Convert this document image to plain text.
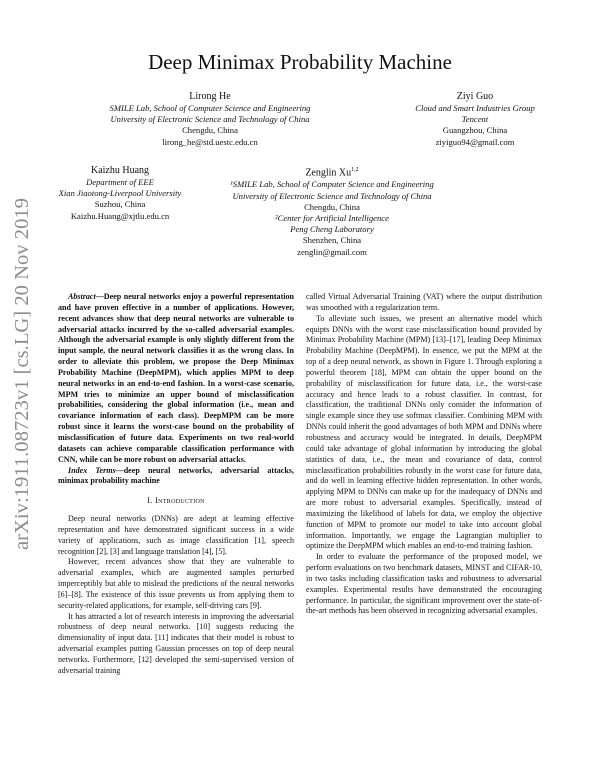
arXiv:1911.08723v1 [cs.LG] 20 Nov 2019
Deep Minimax Probability Machine
Lirong He
SMILE Lab, School of Computer Science and Engineering
University of Electronic Science and Technology of China
Chengdu, China
lirong_he@std.uestc.edu.cn
Ziyi Guo
Cloud and Smart Industries Group
Tencent
Guangzhou, China
ziyiguo94@gmail.com
Kaizhu Huang
Department of EEE
Xian Jiaotong-Liverpool University
Suzhou, China
Kaizhu.Huang@xjtlu.edu.cn
Zenglin Xu$^{1,2}$
¹SMILE Lab, School of Computer Science and Engineering
University of Electronic Science and Technology of China
Chengdu, China
²Center for Artificial Intelligence
Peng Cheng Laboratory
Shenzhen, China
zenglin@gmail.com

Abstract—Deep neural networks enjoy a powerful representation and have proven effective in a number of applications. However, recent advances show that deep neural networks are vulnerable to adversarial attacks incurred by the so-called adversarial examples. Although the adversarial example is only slightly different from the input sample, the neural network classifies it as the wrong class. In order to alleviate this problem, we propose the Deep Minimax Probability Machine (DeepMPM), which applies MPM to deep neural networks in an end-to-end fashion. In a worst-case scenario, MPM tries to minimize an upper bound of misclassification probabilities, considering the global information (i.e., mean and covariance information of each class). DeepMPM can be more robust since it learns the worst-case bound on the probability of misclassification of future data. Experiments on two real-world datasets can achieve comparable classification performance with CNN, while can be more robust on adversarial attacks.

Index Terms—deep neural networks, adversarial attacks, minimax probability machine

I. Introduction

Deep neural networks (DNNs) are adept at learning effective representation and have demonstrated significant success in a wide variety of applications, such as image classification [1], speech recognition [2], [3] and language translation [4], [5].

However, recent advances show that they are vulnerable to adversarial examples, which are augmented samples perturbed imperceptibly but able to mislead the predictions of the neural networks [6]–[8]. The existence of this issue prevents us from applying them to security-related applications, for example, self-driving cars [9].

It has attracted a lot of research interests in improving the adversarial robustness of deep neural networks. [10] suggests reducing the dimensionality of input data. [11] indicates that their model is robust to adversarial examples putting Gaussian processes on top of deep neural networks. Furthermore, [12] developed the semi-supervised version of adversarial training

called Virtual Adversarial Training (VAT) where the output distribution was smoothed with a regularization term.

To alleviate such issues, we present an alternative model which equipts DNNs with the worst case misclassification bound provided by Minimax Probability Machine (MPM) [13]–[17], leading Deep Minimax Probability Machine (DeepMPM). In essence, we put the MPM at the top of a deep neural network, as shown in Figure 1. Through exploring a powerful theorem [18], MPM can obtain the upper bound on the probability of misclassification for future data, i.e., the worst-case accuracy and hence leads to a robust classifier. In contrast, for classification, the traditional DNNs only consider the information of single example since they use softmax classifier. Combining MPM with DNNs could inherit the good advantages of both MPM and DNNs where robustness and accuracy would be integrated. In details, DeepMPM could take advantage of global information by introducing the global statistics of data, i.e., the mean and covariance of data, control misclassification probabilities robustly in the worst case for future data, and do well in learning effective hidden representation. In other words, applying MPM to DNNs can make up for the inadequacy of DNNs and are more robust to adversarial examples. Specifically, instead of maximizing the likelihood of labels for data, we employ the objective function of MPM to promote our model to take into account global information. Importantly, we engage the Lagrangian multiplier to optimize the DeepMPM which enables an end-to-end training fashion.

In order to evaluate the performance of the proposed model, we perform evaluations on two benchmark datasets, MINST and CIFAR-10, in two tasks including classification tasks and robustness to adversarial examples. Experimental results have demonstrated the encouraging performance. In particular, the significant improvement over the state-of-the-art methods has been observed in recognizing adversarial examples.
